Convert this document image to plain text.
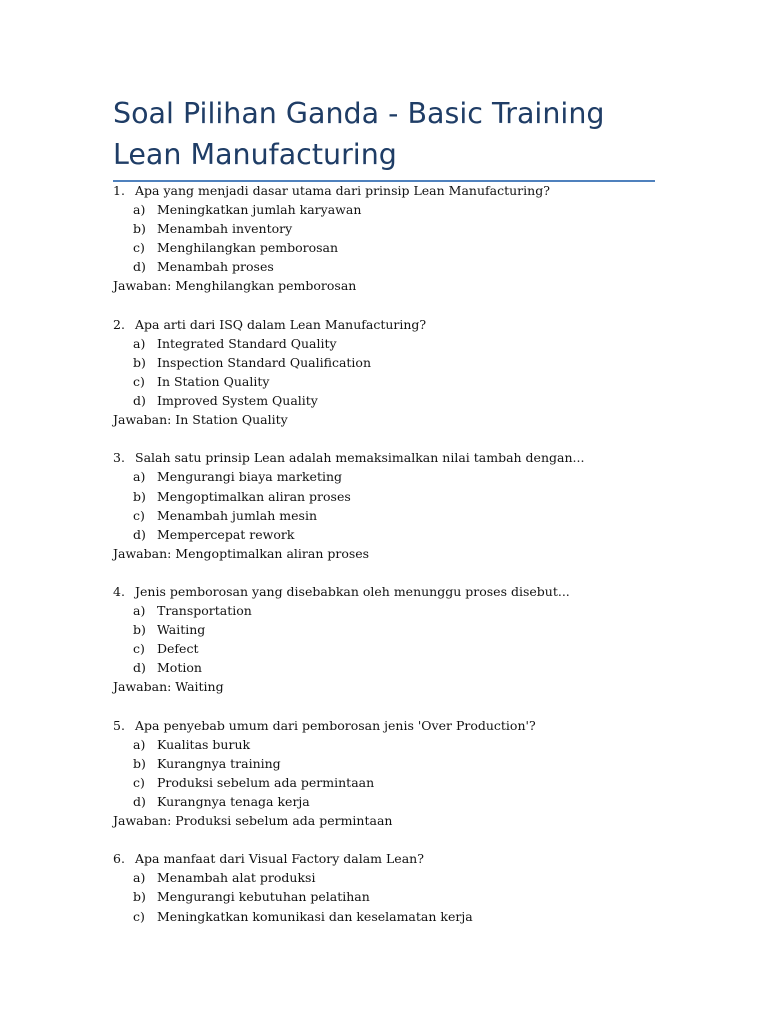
Soal Pilihan Ganda - Basic Training Lean Manufacturing
1. Apa yang menjadi dasar utama dari prinsip Lean Manufacturing?
a) Meningkatkan jumlah karyawan
b) Menambah inventory
c) Menghilangkan pemborosan
d) Menambah proses
Jawaban: Menghilangkan pemborosan
2. Apa arti dari ISQ dalam Lean Manufacturing?
a) Integrated Standard Quality
b) Inspection Standard Qualification
c) In Station Quality
d) Improved System Quality
Jawaban: In Station Quality
3. Salah satu prinsip Lean adalah memaksimalkan nilai tambah dengan...
a) Mengurangi biaya marketing
b) Mengoptimalkan aliran proses
c) Menambah jumlah mesin
d) Mempercepat rework
Jawaban: Mengoptimalkan aliran proses
4. Jenis pemborosan yang disebabkan oleh menunggu proses disebut...
a) Transportation
b) Waiting
c) Defect
d) Motion
Jawaban: Waiting
5. Apa penyebab umum dari pemborosan jenis 'Over Production'?
a) Kualitas buruk
b) Kurangnya training
c) Produksi sebelum ada permintaan
d) Kurangnya tenaga kerja
Jawaban: Produksi sebelum ada permintaan
6. Apa manfaat dari Visual Factory dalam Lean?
a) Menambah alat produksi
b) Mengurangi kebutuhan pelatihan
c) Meningkatkan komunikasi dan keselamatan kerja
